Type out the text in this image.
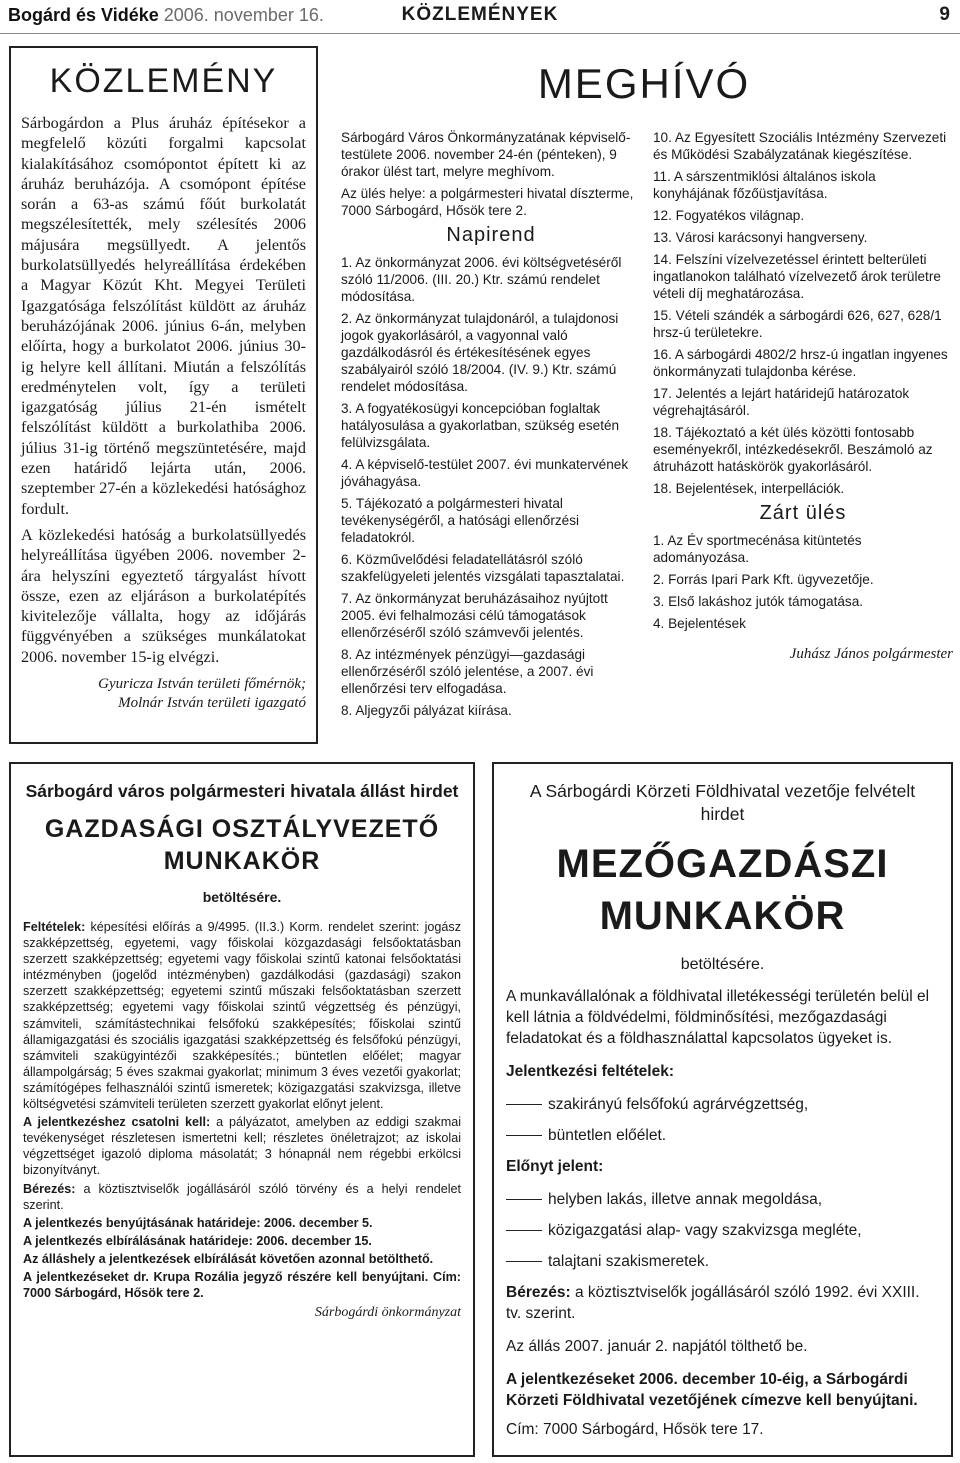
Bogárd és Vidéke 2006. november 16.	KÖZLEMÉNYEK	9
KÖZLEMÉNY

Sárbogárdon a Plus áruház építésekor a megfelelő közúti forgalmi kapcsolat kialakításához csomópontot épített ki az áruház beruházója. A csomópont építése során a 63-as számú főút burkolatát megszélesítették, mely szélesítés 2006 májusára megsüllyedt. A jelentős burkolatsüllyedés helyreállítása érdekében a Magyar Közút Kht. Megyei Területi Igazgatósága felszólítást küldött az áruház beruházójának 2006. június 6-án, melyben előírta, hogy a burkolatot 2006. június 30-ig helyre kell állítani. Miután a felszólítás eredménytelen volt, így a területi igazgatóság július 21-én ismételt felszólítást küldött a burkolathiba 2006. július 31-ig történő megszüntetésére, majd ezen határidő lejárta után, 2006. szeptember 27-én a közlekedési hatósághoz fordult.

A közlekedési hatóság a burkolatsüllyedés helyreállítása ügyében 2006. november 2-ára helyszíni egyeztető tárgyalást hívott össze, ezen az eljáráson a burkolatépítés kivitelezője vállalta, hogy az időjárás függvényében a szükséges munkálatokat 2006. november 15-ig elvégzi.

Gyuricza István területi főmérnök;
Molnár István területi igazgató
MEGHÍVÓ

Sárbogárd Város Önkormányzatának képviselő-testülete 2006. november 24-én (pénteken), 9 órakor ülést tart, melyre meghívom.

Az ülés helye: a polgármesteri hivatal díszterme, 7000 Sárbogárd, Hősök tere 2.

Napirend

1. Az önkormányzat 2006. évi költségvetéséről szóló 11/2006. (III. 20.) Ktr. számú rendelet módosítása.

2. Az önkormányzat tulajdonáról, a tulajdonosi jogok gyakorlásáról, a vagyonnal való gazdálkodásról és értékesítésének egyes szabályairól szóló 18/2004. (IV. 9.) Ktr. számú rendelet módosítása.

3. A fogyatékosügyi koncepcióban foglaltak hatályosulása a gyakorlatban, szükség esetén felülvizsgálata.

4. A képviselő-testület 2007. évi munkatervének jóváhagyása.

5. Tájékozató a polgármesteri hivatal tevékenységéről, a hatósági ellenőrzési feladatokról.

6. Közművelődési feladatellátásról szóló szakfelügyeleti jelentés vizsgálati tapasztalatai.

7. Az önkormányzat beruházásaihoz nyújtott 2005. évi felhalmozási célú támogatások ellenőrzéséről szóló számvevői jelentés.

8. Az intézmények pénzügyi—gazdasági ellenőrzéséről szóló jelentése, a 2007. évi ellenőrzési terv elfogadása.

8. Aljegyzői pályázat kiírása.

10. Az Egyesített Szociális Intézmény Szervezeti és Működési Szabályzatának kiegészítése.

11. A sárszentmiklósi általános iskola konyhájának főzőüstjavítása.

12. Fogyatékos világnap.

13. Városi karácsonyi hangverseny.

14. Felszíni vízelvezetéssel érintett belterületi ingatlanokon található vízelvezető árok területre vételi díj meghatározása.

15. Vételi szándék a sárbogárdi 626, 627, 628/1 hrsz-ú területekre.

16. A sárbogárdi 4802/2 hrsz-ú ingatlan ingyenes önkormányzati tulajdonba kérése.

17. Jelentés a lejárt határidejű határozatok végrehajtásáról.

18. Tájékoztató a két ülés közötti fontosabb eseményekről, intézkedésekről. Beszámoló az átruházott hatáskörök gyakorlásáról.

18. Bejelentések, interpellációk.

Zárt ülés

1. Az Év sportmecénása kitüntetés adományozása.

2. Forrás Ipari Park Kft. ügyvezetője.

3. Első lakáshoz jutók támogatása.

4. Bejelentések

Juhász János polgármester
Sárbogárd város polgármesteri hivatala állást hirdet
GAZDASÁGI OSZTÁLYVEZETŐ
MUNKAKÖR
betöltésére.

Feltételek: képesítési előírás a 9/4995. (II.3.) Korm. rendelet szerint: jogász szakképzettség, egyetemi, vagy főiskolai közgazdasági felsőoktatásban szerzett szakképzettség; egyetemi vagy főiskolai szintű katonai felsőoktatási intézményben (jogelőd intézményben) gazdálkodási (gazdasági) szakon szerzett szakképzettség; egyetemi szintű műszaki felsőoktatásban szerzett szakképzettség; egyetemi vagy főiskolai szintű végzettség és pénzügyi, számviteli, számítástechnikai felsőfokú szakképesítés; főiskolai szintű államigazgatási és szociális igazgatási szakképzettség és felsőfokú pénzügyi, számviteli szakügyintézői szakképesítés.; büntetlen előélet; magyar állampolgárság; 5 éves szakmai gyakorlat; minimum 3 éves vezetői gyakorlat; számítógépes felhasználói szintű ismeretek; közigazgatási szakvizsga, illetve költségvetési számviteli területen szerzett gyakorlat előnyt jelent.

A jelentkezéshez csatolni kell: a pályázatot, amelyben az eddigi szakmai tevékenységet részletesen ismertetni kell; részletes önéletrajzot; az iskolai végzettséget igazoló diploma másolatát; 3 hónapnál nem régebbi erkölcsi bizonyítványt.

Bérezés: a köztisztviselők jogállásáról szóló törvény és a helyi rendelet szerint.

A jelentkezés benyújtásának határideje: 2006. december 5.

A jelentkezés elbírálásának határideje: 2006. december 15.

Az álláshely a jelentkezések elbírálását követően azonnal betölthető.

A jelentkezéseket dr. Krupa Rozália jegyző részére kell benyújtani. Cím: 7000 Sárbogárd, Hősök tere 2.

Sárbogárdi önkormányzat
A Sárbogárdi Körzeti Földhivatal vezetője felvételt hirdet
MEZŐGAZDÁSZI
MUNKAKÖR
betöltésére.

A munkavállalónak a földhivatal illetékességi területén belül el kell látnia a földvédelmi, földminősítési, mezőgazdasági feladatokat és a földhasználattal kapcsolatos ügyeket is.

Jelentkezési feltételek:

szakirányú felsőfokú agrárvégzettség,

büntetlen előélet.

Előnyt jelent:

helyben lakás, illetve annak megoldása,

közigazgatási alap- vagy szakvizsga megléte,

talajtani szakismeretek.

Bérezés: a köztisztviselők jogállásáról szóló 1992. évi XXIII. tv. szerint.

Az állás 2007. január 2. napjától tölthető be.

A jelentkezéseket 2006. december 10-éig, a Sárbogárdi Körzeti Földhivatal vezetőjének címezve kell benyújtani.

Cím: 7000 Sárbogárd, Hősök tere 17.
